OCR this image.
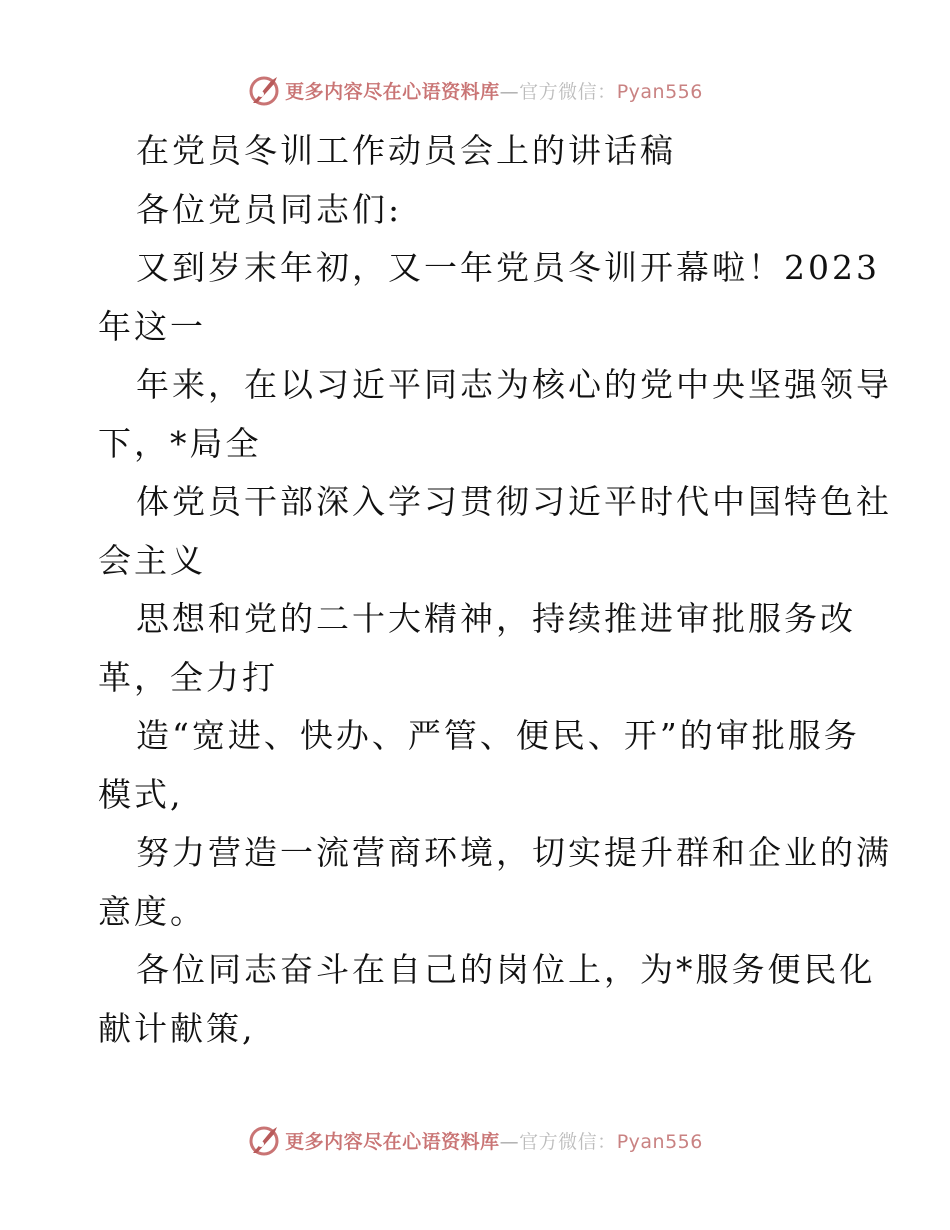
更多内容尽在心语资料库—官方微信：Pyan556

在党员冬训工作动员会上的讲话稿

各位党员同志们:

又到岁末年初，又一年党员冬训开幕啦！2023

年这一

年来，在以习近平同志为核心的党中央坚强领导

下，*局全

体党员干部深入学习贯彻习近平时代中国特色社

会主义

思想和党的二十大精神，持续推进审批服务改

革，全力打

造“宽进、快办、严管、便民、开”的审批服务

模式,

努力营造一流营商环境，切实提升群和企业的满

意度。

各位同志奋斗在自己的岗位上，为*服务便民化

献计献策,

更多内容尽在心语资料库—官方微信：Pyan556
